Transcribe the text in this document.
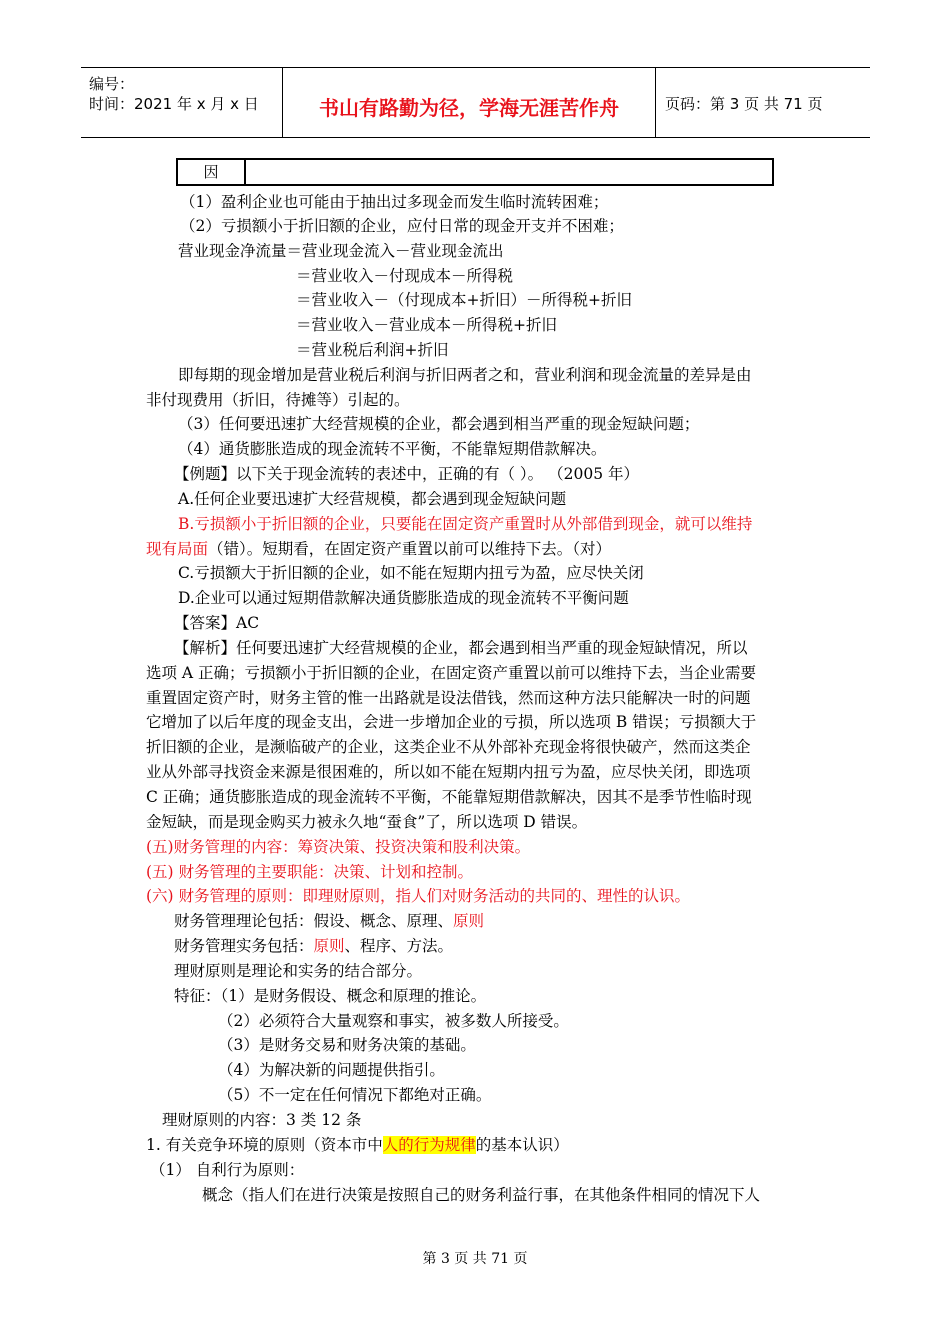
编号：
时间：2021 年 x 月 x 日	书山有路勤为径，学海无涯苦作舟	页码：第 3 页 共 71 页
因
（1）盈利企业也可能由于抽出过多现金而发生临时流转困难；
（2）亏损额小于折旧额的企业，应付日常的现金开支并不困难；
营业现金净流量＝营业现金流入－营业现金流出
＝营业收入－付现成本－所得税
＝营业收入－（付现成本+折旧）－所得税+折旧
＝营业收入－营业成本－所得税+折旧
＝营业税后利润+折旧
即每期的现金增加是营业税后利润与折旧两者之和，营业利润和现金流量的差异是由
非付现费用（折旧，待摊等）引起的。
（3）任何要迅速扩大经营规模的企业，都会遇到相当严重的现金短缺问题；
（4）通货膨胀造成的现金流转不平衡，不能靠短期借款解决。
【例题】以下关于现金流转的表述中，正确的有（ ）。 （2005 年）
A.任何企业要迅速扩大经营规模，都会遇到现金短缺问题
B.亏损额小于折旧额的企业，只要能在固定资产重置时从外部借到现金，就可以维持
现有局面（错）。短期看，在固定资产重置以前可以维持下去。（对）
C.亏损额大于折旧额的企业，如不能在短期内扭亏为盈，应尽快关闭
D.企业可以通过短期借款解决通货膨胀造成的现金流转不平衡问题
【答案】AC
【解析】任何要迅速扩大经营规模的企业，都会遇到相当严重的现金短缺情况，所以
选项 A 正确；亏损额小于折旧额的企业，在固定资产重置以前可以维持下去，当企业需要
重置固定资产时，财务主管的惟一出路就是设法借钱，然而这种方法只能解决一时的问题
它增加了以后年度的现金支出，会进一步增加企业的亏损，所以选项 B 错误；亏损额大于
折旧额的企业，是濒临破产的企业，这类企业不从外部补充现金将很快破产，然而这类企
业从外部寻找资金来源是很困难的，所以如不能在短期内扭亏为盈，应尽快关闭，即选项
C 正确；通货膨胀造成的现金流转不平衡，不能靠短期借款解决，因其不是季节性临时现
金短缺，而是现金购买力被永久地“蚕食”了，所以选项 D 错误。
(五)财务管理的内容：筹资决策、投资决策和股利决策。
(五) 财务管理的主要职能：决策、计划和控制。
(六) 财务管理的原则：即理财原则，指人们对财务活动的共同的、理性的认识。
财务管理理论包括：假设、概念、原理、原则
财务管理实务包括：原则、程序、方法。
理财原则是理论和实务的结合部分。
特征：（1）是财务假设、概念和原理的推论。
（2）必须符合大量观察和事实，被多数人所接受。
（3）是财务交易和财务决策的基础。
（4）为解决新的问题提供指引。
（5）不一定在任何情况下都绝对正确。
理财原则的内容：3 类 12 条
1. 有关竞争环境的原则（资本市中人的行为规律的基本认识）
（1） 自利行为原则：
概念（指人们在进行决策是按照自己的财务利益行事，在其他条件相同的情况下人
第 3 页 共 71 页
